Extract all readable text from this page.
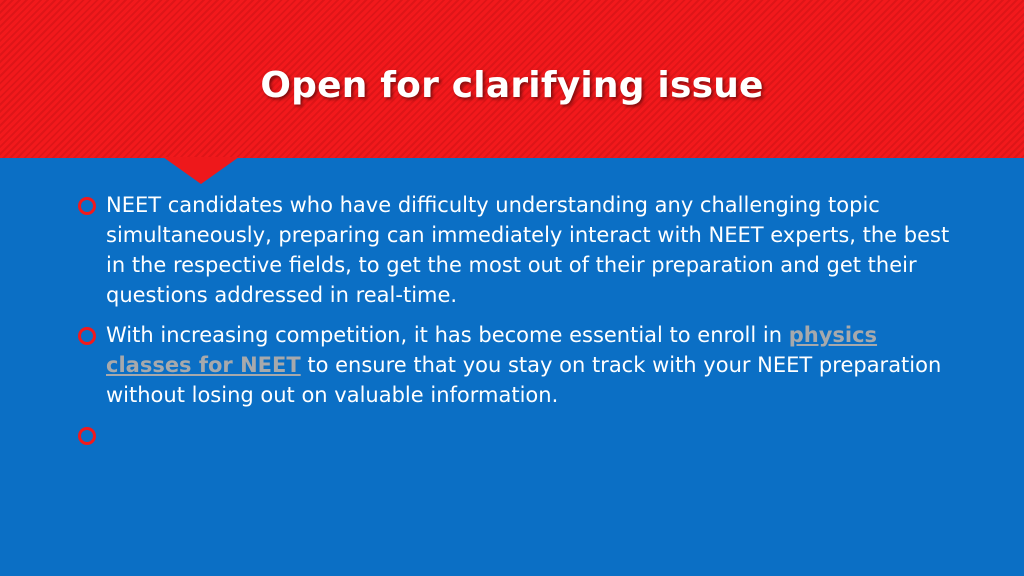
Open for clarifying issue
NEET candidates who have difficulty understanding any challenging topic simultaneously, preparing can immediately interact with NEET experts, the best in the respective fields, to get the most out of their preparation and get their questions addressed in real-time.
With increasing competition, it has become essential to enroll in physics classes for NEET to ensure that you stay on track with your NEET preparation without losing out on valuable information.
